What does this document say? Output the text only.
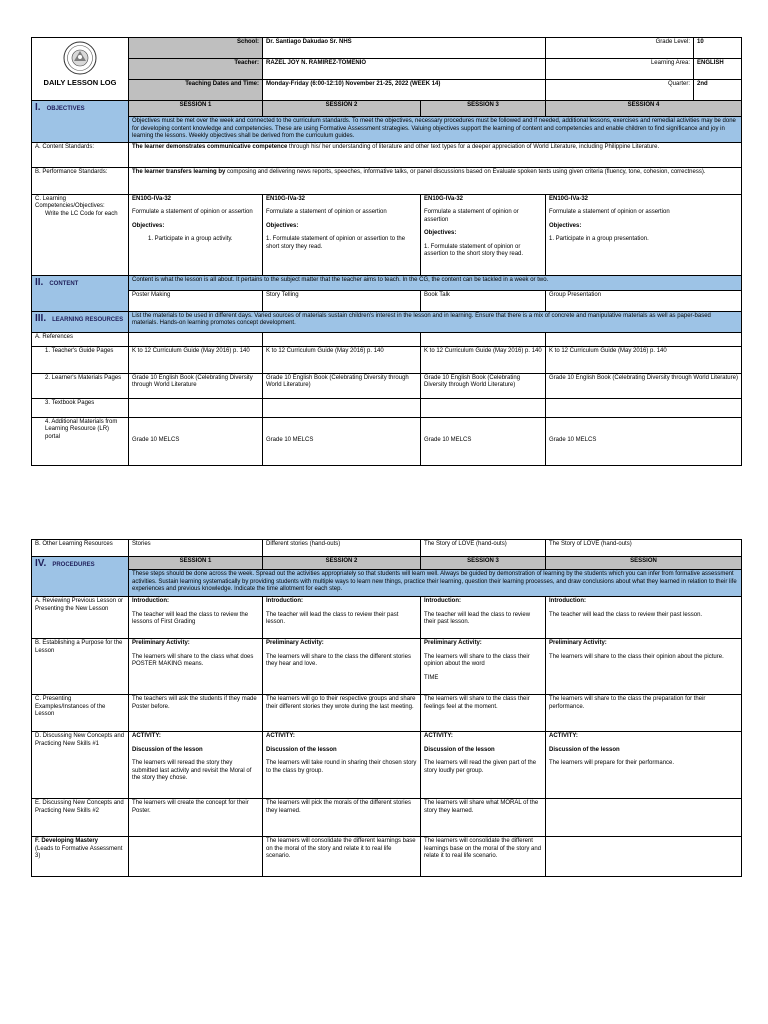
DAILY LESSON LOG	School:	Dr. Santiago Dakudao Sr. NHS		Grade Level:	10
	Teacher:	RAZEL JOY N. RAMIREZ-TOMENIO		Learning Area:	ENGLISH
	Teaching Dates and Time:	Monday-Friday (6:00-12:10) November 21-25, 2022 (WEEK 14)		Quarter:	2nd
I. OBJECTIVES	SESSION 1	SESSION 2	SESSION 3	SESSION 4	
	Objectives must be met over the week and connected to the curriculum standards. To meet the objectives, necessary procedures must be followed and if needed, additional lessons, exercises and remedial activities may be done for developing content knowledge and competencies. These are using Formative Assessment strategies. Valuing objectives support the learning of content and competencies and enable children to find significance and joy in learning the lessons. Weekly objectives shall be derived from the curriculum guides.				
A. Content Standards:	The learner demonstrates communicative competence through his/ her understanding of literature and other text types for a deeper appreciation of World Literature, including Philippine Literature.				
B. Performance Standards:	The learner transfers learning by composing and delivering news reports, speeches, informative talks, or panel discussions based on Evaluate spoken texts using given criteria (fluency, tone, cohesion, correctness).				
C. Learning Competencies/Objectives:

Write the LC Code for each	EN10G-IVa-32
Formulate a statement of opinion or assertion
Objectives:
1. Participate in a group activity.	EN10G-IVa-32
Formulate a statement of opinion or assertion
Objectives:
1. Formulate statement of opinion or assertion to the short story they read.	EN10G-IVa-32
Formulate a statement of opinion or assertion
Objectives:
1. Formulate statement of opinion or assertion to the short story they read.	EN10G-IVa-32
Formulate a statement of opinion or assertion
Objectives:
1. Participate in a group presentation.	
II. CONTENT	Content is what the lesson is all about. It pertains to the subject matter that the teacher aims to teach. In the CG, the content can be tackled in a week or two.				
	Poster Making	Story Telling	Book Talk	Group Presentation	
III. LEARNING RESOURCES	List the materials to be used in different days. Varied sources of materials sustain children's interest in the lesson and in learning. Ensure that there is a mix of concrete and manipulative materials as well as paper-based materials. Hands-on learning promotes concept development.				
A. References					

1. Teacher's Guide Pages	K to 12 Curriculum Guide (May 2016) p. 140	K to 12 Curriculum Guide (May 2016) p. 140	K to 12 Curriculum Guide (May 2016) p. 140	K to 12 Curriculum Guide (May 2016) p. 140	

2. Learner's Materials Pages	Grade 10 English Book (Celebrating Diversity through World Literature	Grade 10 English Book (Celebrating Diversity through World Literature)	Grade 10 English Book (Celebrating Diversity through World Literature)	Grade 10 English Book (Celebrating Diversity through World Literature)	

3. Textbook Pages					

4. Additional Materials from Learning Resource (LR) portal	Grade 10 MELCS	Grade 10 MELCS	Grade 10 MELCS	Grade 10 MELCS	
B. Other Learning Resources	Stories	Different stories (hand-outs)	The Story of LOVE (hand-outs)	The Story of LOVE (hand-outs)
IV. PROCEDURES	SESSION 1	SESSION 2	SESSION 3	SESSION
	These steps should be done across the week. Spread out the activities appropriately so that students will learn well. Always be guided by demonstration of learning by the students which you can infer from formative assessment activities. Sustain learning systematically by providing students with multiple ways to learn new things, practice their learning, question their learning processes, and draw conclusions about what they learned in relation to their life experiences and previous knowledge. Indicate the time allotment for each step.			
A. Reviewing Previous Lesson or Presenting the New Lesson	Introduction:
The teacher will lead the class to review the lessons of First Grading	Introduction:
The teacher will lead the class to review their past lesson.	Introduction:
The teacher will lead the class to review their past lesson.	Introduction:
The teacher will lead the class to review their past lesson.
B. Establishing a Purpose for the Lesson	Preliminary Activity:
The learners will share to the class what does POSTER MAKING means.	Preliminary Activity:
The learners will share to the class the different stories they hear and love.	Preliminary Activity:
The learners will share to the class their opinion about the word
TIME	Preliminary Activity:
The learners will share to the class their opinion about the picture.
C. Presenting Examples/Instances of the Lesson	The teachers will ask the students if they made Poster before.	The learners will go to their respective groups and share their different stories they wrote during the last meeting.	The learners will share to the class their feelings feel at the moment.	The learners will share to the class the preparation for their performance.
D. Discussing New Concepts and Practicing New Skills #1	ACTIVITY:
Discussion of the lesson
The learners will reread the story they submitted last activity and revisit the Moral of the story they chose.	ACTIVITY:
Discussion of the lesson
The learners will take round in sharing their chosen story to the class by group.	ACTIVITY:
Discussion of the lesson
The learners will read the given part of the story loudly per group.	ACTIVITY:
Discussion of the lesson
The learners will prepare for their performance.
E. Discussing New Concepts and Practicing New Skills #2	The learners will create the concept for their Poster.	The learners will pick the morals of the different stories they learned.	The learners will share what MORAL of the story they learned.	
F. Developing Mastery
(Leads to Formative Assessment 3)		The learners will consolidate the different learnings base on the moral of the story and relate it to real life scenario.	The learners will consolidate the different learnings base on the moral of the story and relate it to real life scenario.	
